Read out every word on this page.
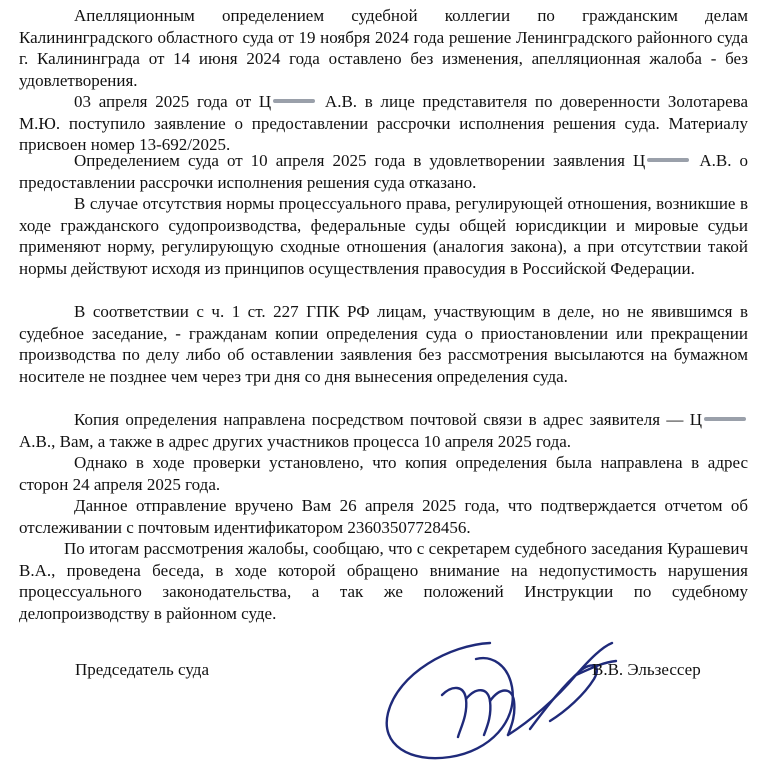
Апелляционным определением судебной коллегии по гражданским делам Калининградского областного суда от 19 ноября 2024 года решение Ленинградского районного суда г. Калининграда от 14 июня 2024 года оставлено без изменения, апелляционная жалоба - без удовлетворения.

03 апреля 2025 года от Ц	А.В. в лице представителя по доверенности Золотарева М.Ю. поступило заявление о предоставлении рассрочки исполнения решения суда. Материалу присвоен номер 13-692/2025.

Определением суда от 10 апреля 2025 года в удовлетворении заявления Ц	А.В. о предоставлении рассрочки исполнения решения суда отказано.

В случае отсутствия нормы процессуального права, регулирующей отношения, возникшие в ходе гражданского судопроизводства, федеральные суды общей юрисдикции и мировые судьи применяют норму, регулирующую сходные отношения (аналогия закона), а при отсутствии такой нормы действуют исходя из принципов осуществления правосудия в Российской Федерации.

В соответствии с ч. 1 ст. 227 ГПК РФ лицам, участвующим в деле, но не явившимся в судебное заседание, - гражданам копии определения суда о приостановлении или прекращении производства по делу либо об оставлении заявления без рассмотрения высылаются на бумажном носителе не позднее чем через три дня со дня вынесения определения суда.

Копия определения направлена посредством почтовой связи в адрес заявителя — Ц А.В., Вам, а также в адрес других участников процесса 10 апреля 2025 года.

Однако в ходе проверки установлено, что копия определения была направлена в адрес сторон 24 апреля 2025 года.

Данное отправление вручено Вам 26 апреля 2025 года, что подтверждается отчетом об отслеживании с почтовым идентификатором 23603507728456.

По итогам рассмотрения жалобы, сообщаю, что с секретарем судебного заседания Курашевич В.А., проведена беседа, в ходе которой обращено внимание на недопустимость нарушения процессуального законодательства, а так же положений Инструкции по судебному делопроизводству в районном суде.

Председатель суда	В.В. Эльзессер
